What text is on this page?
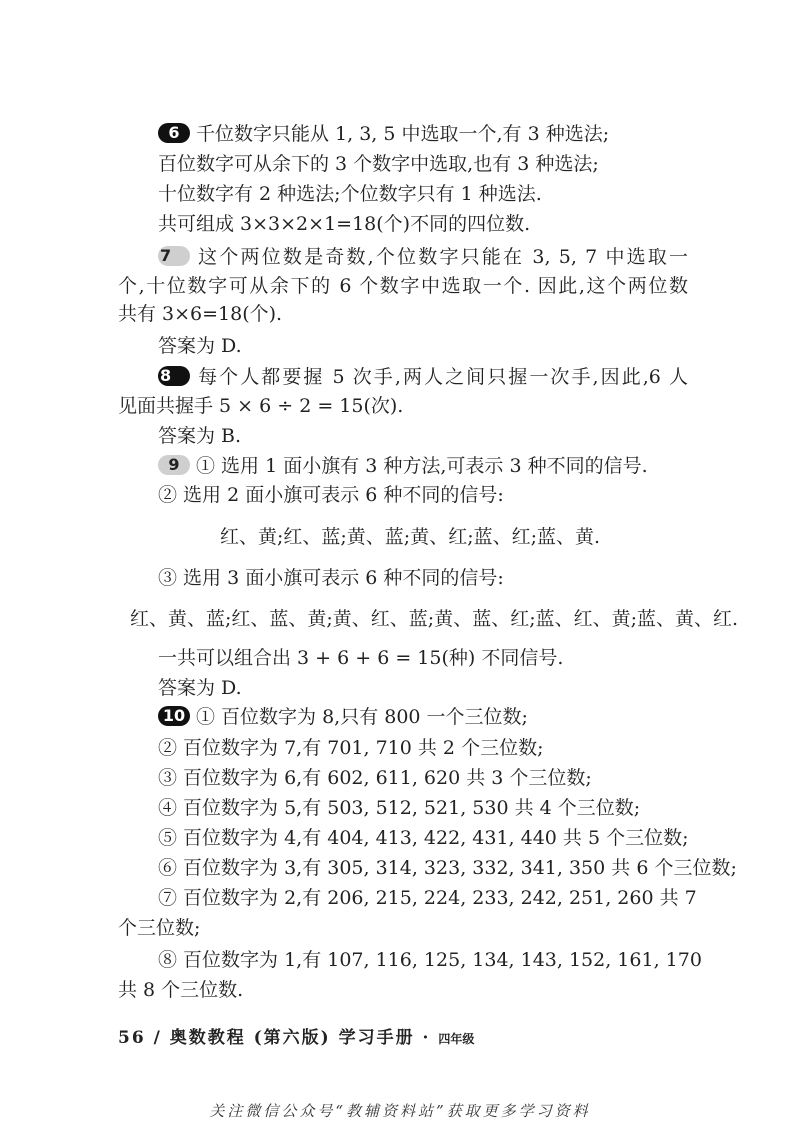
6 千位数字只能从 1, 3, 5 中选取一个,有 3 种选法;
百位数字可从余下的 3 个数字中选取,也有 3 种选法;
十位数字有 2 种选法;个位数字只有 1 种选法.
共可组成 3×3×2×1=18(个)不同的四位数.
7 这个两位数是奇数,个位数字只能在 3, 5, 7 中选取一
个,十位数字可从余下的 6 个数字中选取一个. 因此,这个两位数
共有 3×6=18(个).
答案为 D.
8 每个人都要握 5 次手,两人之间只握一次手,因此,6 人
见面共握手 5 × 6 ÷ 2 = 15(次).
答案为 B.
9 ① 选用 1 面小旗有 3 种方法,可表示 3 种不同的信号.
② 选用 2 面小旗可表示 6 种不同的信号:
红、黄;红、蓝;黄、蓝;黄、红;蓝、红;蓝、黄.
③ 选用 3 面小旗可表示 6 种不同的信号:
红、黄、蓝;红、蓝、黄;黄、红、蓝;黄、蓝、红;蓝、红、黄;蓝、黄、红.
一共可以组合出 3 + 6 + 6 = 15(种) 不同信号.
答案为 D.
10 ① 百位数字为 8,只有 800 一个三位数;
② 百位数字为 7,有 701, 710 共 2 个三位数;
③ 百位数字为 6,有 602, 611, 620 共 3 个三位数;
④ 百位数字为 5,有 503, 512, 521, 530 共 4 个三位数;
⑤ 百位数字为 4,有 404, 413, 422, 431, 440 共 5 个三位数;
⑥ 百位数字为 3,有 305, 314, 323, 332, 341, 350 共 6 个三位数;
⑦ 百位数字为 2,有 206, 215, 224, 233, 242, 251, 260 共 7
个三位数;
⑧ 百位数字为 1,有 107, 116, 125, 134, 143, 152, 161, 170
共 8 个三位数.
56 / 奥数教程 (第六版) 学习手册 · 四年级
关注微信公众号“教辅资料站”获取更多学习资料
